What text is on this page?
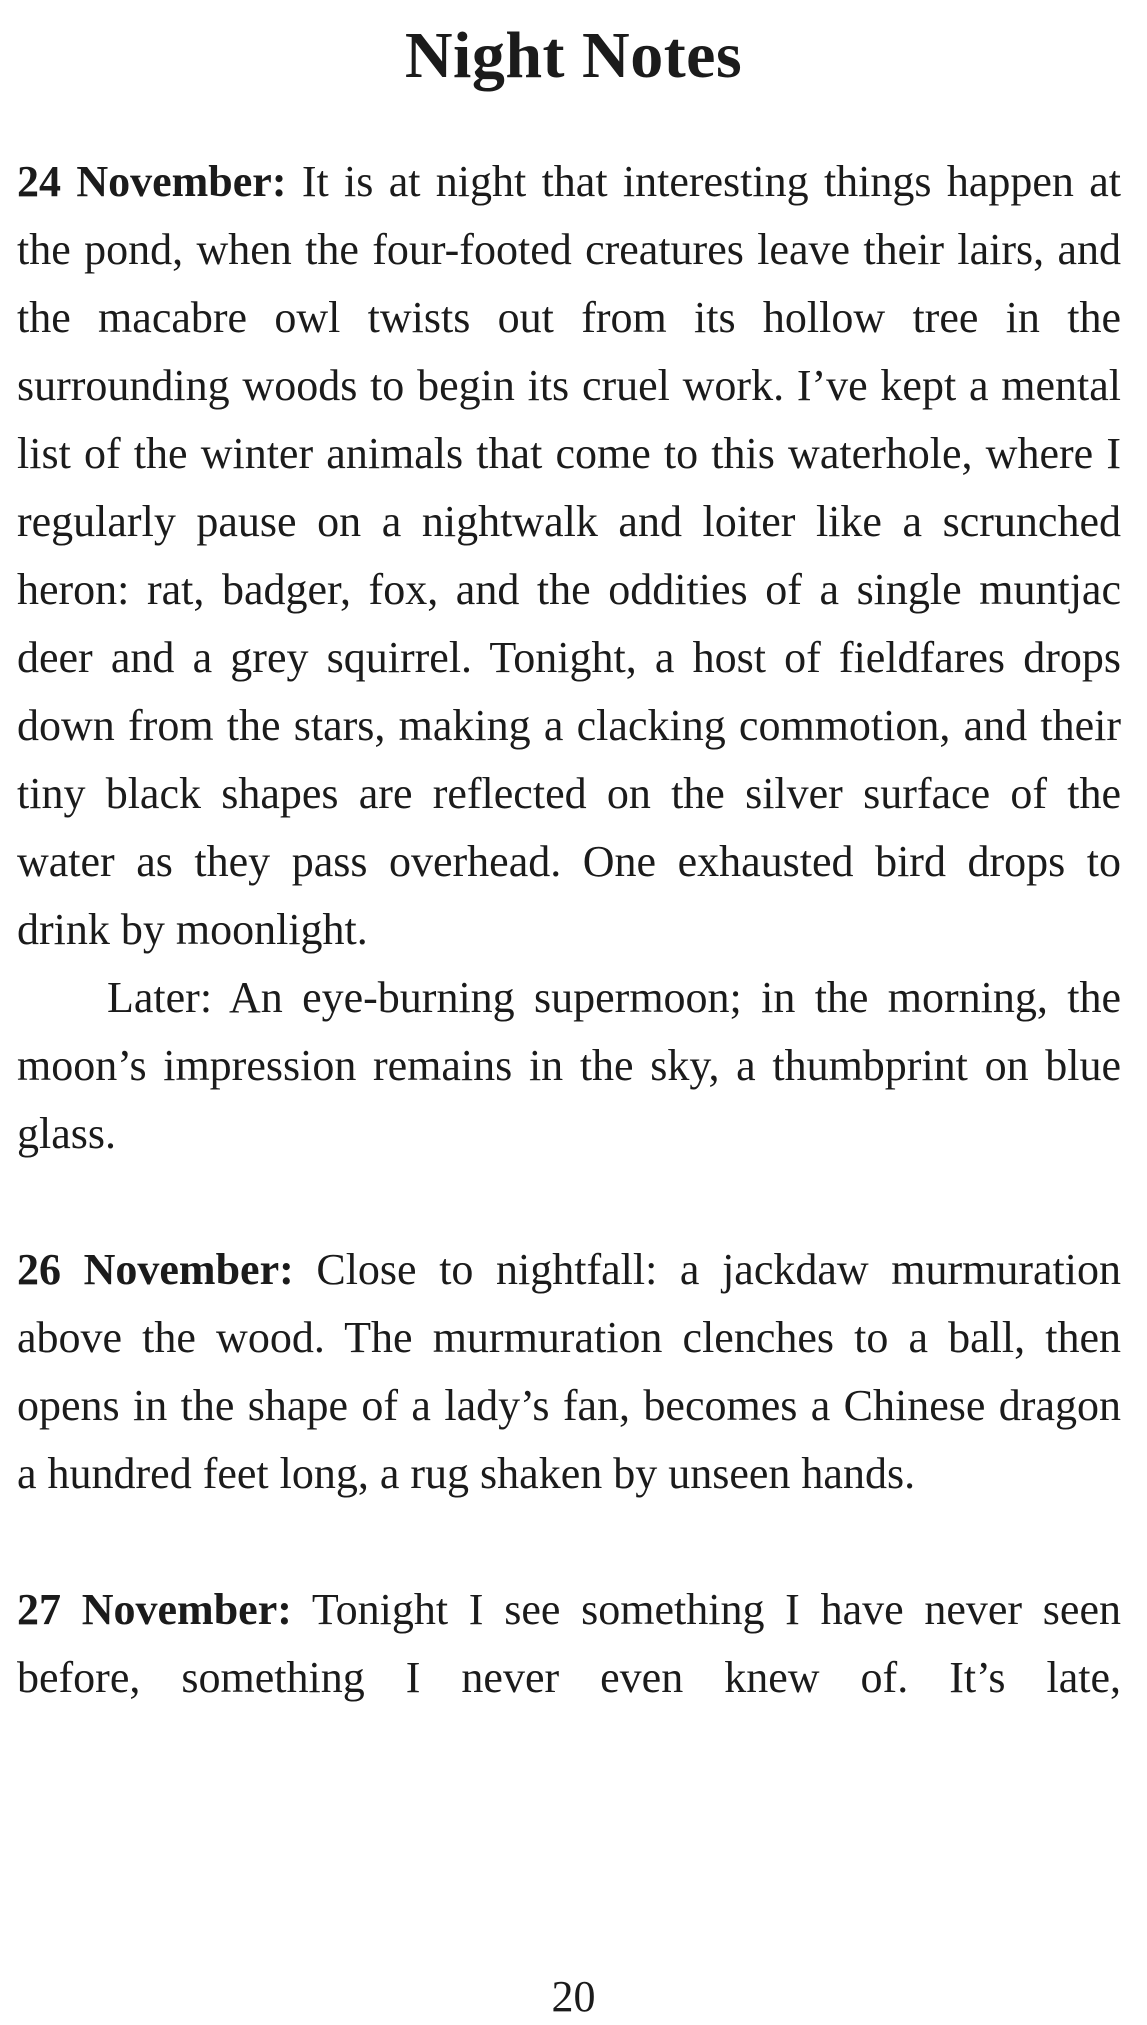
Night Notes

24 November: It is at night that interesting things happen at the pond, when the four-footed creatures leave their lairs, and the macabre owl twists out from its hollow tree in the surrounding woods to begin its cruel work. I’ve kept a mental list of the winter animals that come to this waterhole, where I regularly pause on a nightwalk and loiter like a scrunched heron: rat, badger, fox, and the oddities of a single muntjac deer and a grey squirrel. Tonight, a host of fieldfares drops down from the stars, making a clacking commotion, and their tiny black shapes are reflected on the silver surface of the water as they pass overhead. One exhausted bird drops to drink by moonlight.

Later: An eye-burning supermoon; in the morning, the moon’s impression remains in the sky, a thumbprint on blue glass.

26 November: Close to nightfall: a jackdaw murmuration above the wood. The murmuration clenches to a ball, then opens in the shape of a lady’s fan, becomes a Chinese dragon a hundred feet long, a rug shaken by unseen hands.

27 November: Tonight I see something I have never seen before, something I never even knew of. It’s late,

20
